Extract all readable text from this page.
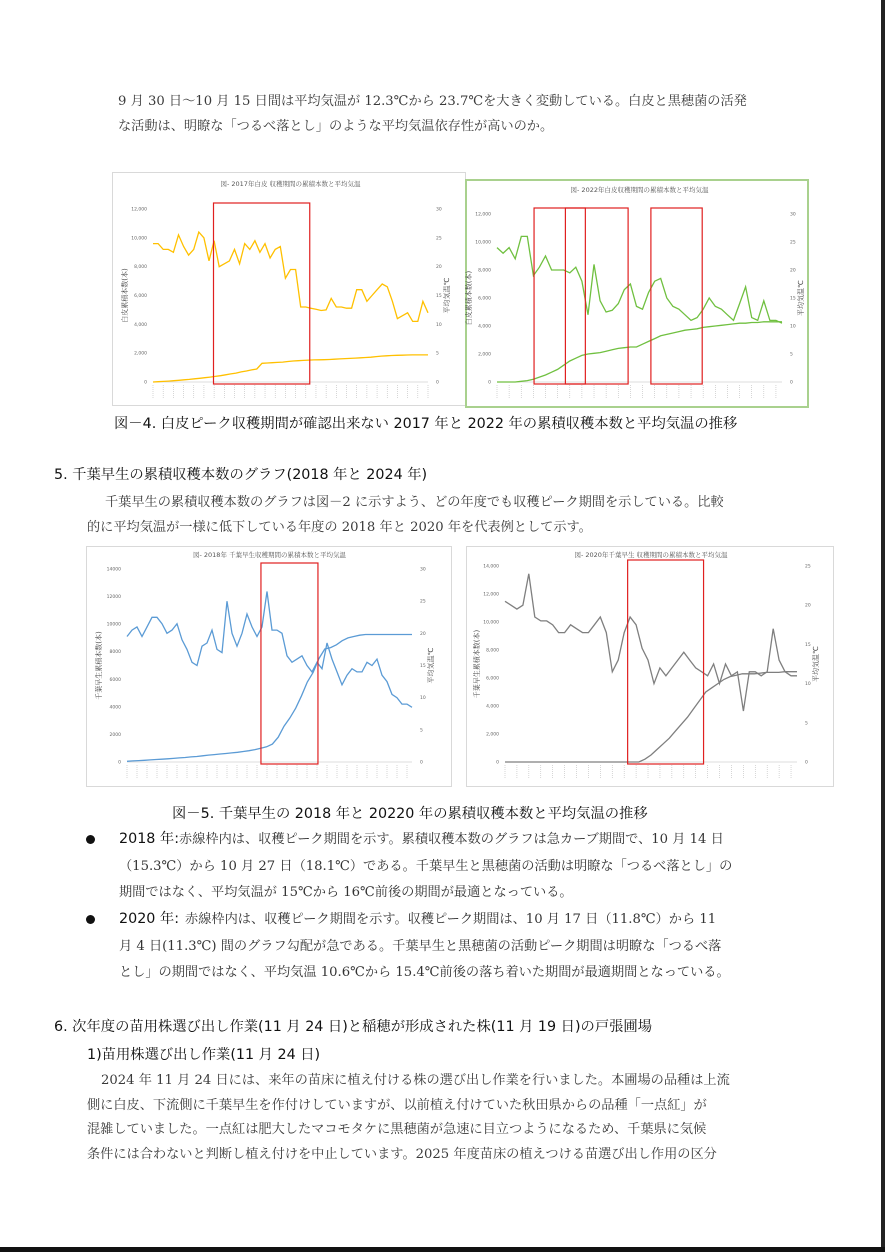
9 月 30 日～10 月 15 日間は平均気温が 12.3℃から 23.7℃を大きく変動している。白皮と黒穂菌の活発
な活動は、明瞭な「つるべ落とし」のような平均気温依存性が高いのか。
図- 2017年白皮 収穫期間の累積本数と平均気温
12,000
10,000
8,000
6,000
4,000
2,000
0
30
25
20
15
10
5
0
白皮累積本数(本)	平均気温℃
図- 2022年白皮収穫期間の累積本数と平均気温
12,000
10,000
8,000
6,000
4,000
2,000
0
30
25
20
15
10
5
0
白皮累積本数(本)	平均気温℃
図－4. 白皮ピーク収穫期間が確認出来ない 2017 年と 2022 年の累積収穫本数と平均気温の推移
5. 千葉早生の累積収穫本数のグラフ(2018 年と 2024 年)
千葉早生の累積収穫本数のグラフは図－2 に示すよう、どの年度でも収穫ピーク期間を示している。比較
的に平均気温が一様に低下している年度の 2018 年と 2020 年を代表例として示す。
図- 2018年 千葉早生収穫期間の累積本数と平均気温
14000
12000
10000
8000
6000
4000
2000
0
30
25
20
15
10
5
0
千葉早生累積本数(本)	平均気温℃
図- 2020年千葉早生 収穫期間の累積本数と平均気温
14,000
12,000
10,000
8,000
6,000
4,000
2,000
0
25
20
15
10
5
0
千葉早生累積本数(本)	平均気温℃
図－5. 千葉早生の 2018 年と 20220 年の累積収穫本数と平均気温の推移
2018 年:赤線枠内は、収穫ピーク期間を示す。累積収穫本数のグラフは急カーブ期間で、10 月 14 日
（15.3℃）から 10 月 27 日（18.1℃）である。千葉早生と黒穂菌の活動は明瞭な「つるべ落とし」の
期間ではなく、平均気温が 15℃から 16℃前後の期間が最適となっている。
2020 年: 赤線枠内は、収穫ピーク期間を示す。収穫ピーク期間は、10 月 17 日（11.8℃）から 11
月 4 日(11.3℃) 間のグラフ勾配が急である。千葉早生と黒穂菌の活動ピーク期間は明瞭な「つるべ落
とし」の期間ではなく、平均気温 10.6℃から 15.4℃前後の落ち着いた期間が最適期間となっている。
6. 次年度の苗用株選び出し作業(11 月 24 日)と稲穂が形成された株(11 月 19 日)の戸張圃場
1)苗用株選び出し作業(11 月 24 日)
2024 年 11 月 24 日には、来年の苗床に植え付ける株の選び出し作業を行いました。本圃場の品種は上流
側に白皮、下流側に千葉早生を作付けしていますが、以前植え付けていた秋田県からの品種「一点紅」が
混雑していました。一点紅は肥大したマコモタケに黒穂菌が急速に目立つようになるため、千葉県に気候
条件には合わないと判断し植え付けを中止しています。2025 年度苗床の植えつける苗選び出し作用の区分
